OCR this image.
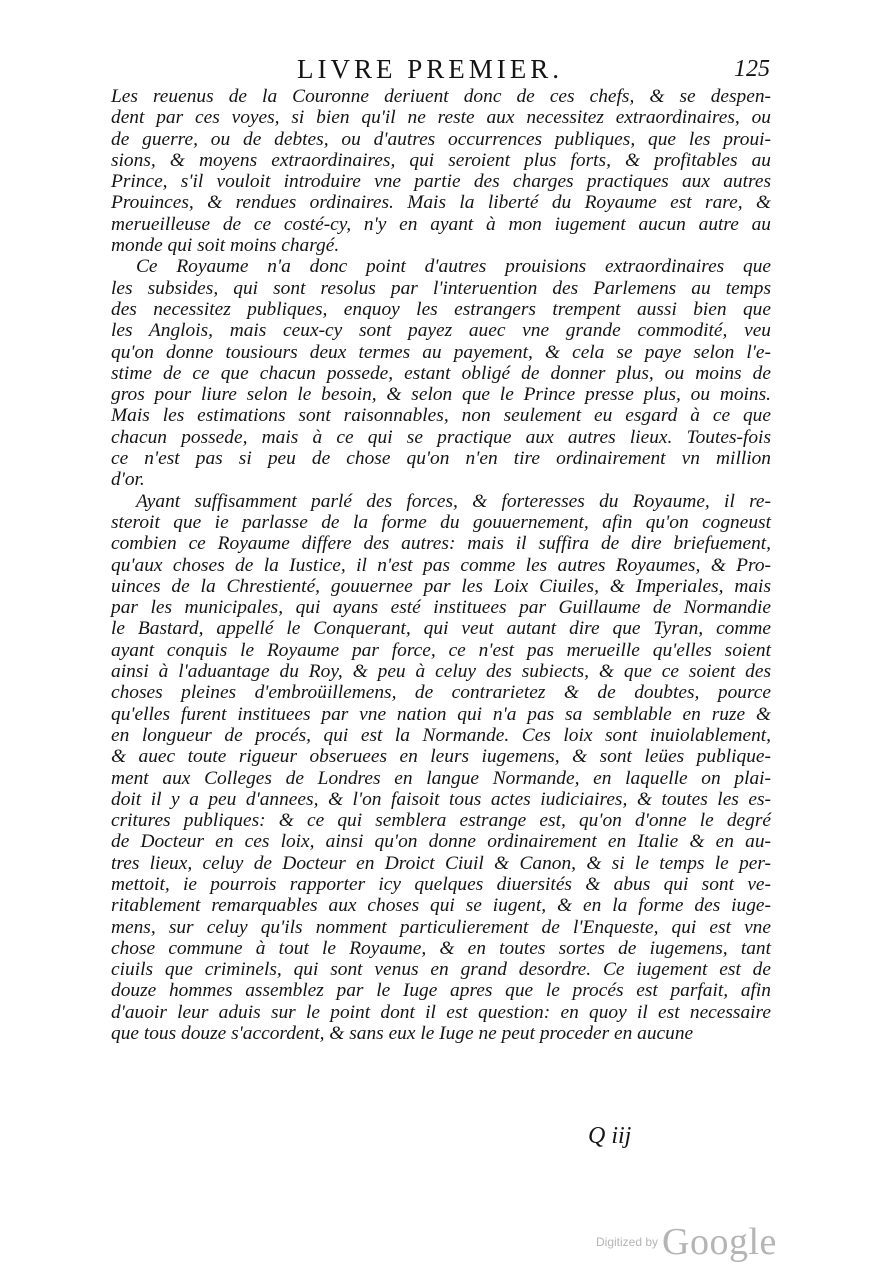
LIVRE PREMIER.	125
Les reuenus de la Couronne deriuent donc de ces chefs, & se despen-
dent par ces voyes, si bien qu'il ne reste aux necessitez extraordinaires, ou
de guerre, ou de debtes, ou d'autres occurrences publiques, que les proui-
sions, & moyens extraordinaires, qui seroient plus forts, & profitables au
Prince, s'il vouloit introduire vne partie des charges practiques aux autres
Prouinces, & rendues ordinaires. Mais la liberté du Royaume est rare, &
merueilleuse de ce costé-cy, n'y en ayant à mon iugement aucun autre au
monde qui soit moins chargé.
Ce Royaume n'a donc point d'autres prouisions extraordinaires que
les subsides, qui sont resolus par l'interuention des Parlemens au temps
des necessitez publiques, enquoy les estrangers trempent aussi bien que
les Anglois, mais ceux-cy sont payez auec vne grande commodité, veu
qu'on donne tousiours deux termes au payement, & cela se paye selon l'e-
stime de ce que chacun possede, estant obligé de donner plus, ou moins de
gros pour liure selon le besoin, & selon que le Prince presse plus, ou moins.
Mais les estimations sont raisonnables, non seulement eu esgard à ce que
chacun possede, mais à ce qui se practique aux autres lieux. Toutes-fois
ce n'est pas si peu de chose qu'on n'en tire ordinairement vn million
d'or.
Ayant suffisamment parlé des forces, & forteresses du Royaume, il re-
steroit que ie parlasse de la forme du gouuernement, afin qu'on cogneust
combien ce Royaume differe des autres: mais il suffira de dire briefuement,
qu'aux choses de la Iustice, il n'est pas comme les autres Royaumes, & Pro-
uinces de la Chrestienté, gouuernee par les Loix Ciuiles, & Imperiales, mais
par les municipales, qui ayans esté instituees par Guillaume de Normandie
le Bastard, appellé le Conquerant, qui veut autant dire que Tyran, comme
ayant conquis le Royaume par force, ce n'est pas merueille qu'elles soient
ainsi à l'aduantage du Roy, & peu à celuy des subiects, & que ce soient des
choses pleines d'embroüillemens, de contrarietez & de doubtes, pource
qu'elles furent instituees par vne nation qui n'a pas sa semblable en ruze &
en longueur de procés, qui est la Normande. Ces loix sont inuiolablement,
& auec toute rigueur obseruees en leurs iugemens, & sont leües publique-
ment aux Colleges de Londres en langue Normande, en laquelle on plai-
doit il y a peu d'annees, & l'on faisoit tous actes iudiciaires, & toutes les es-
critures publiques: & ce qui semblera estrange est, qu'on d'onne le degré
de Docteur en ces loix, ainsi qu'on donne ordinairement en Italie & en au-
tres lieux, celuy de Docteur en Droict Ciuil & Canon, & si le temps le per-
mettoit, ie pourrois rapporter icy quelques diuersités & abus qui sont ve-
ritablement remarquables aux choses qui se iugent, & en la forme des iuge-
mens, sur celuy qu'ils nomment particulierement de l'Enqueste, qui est vne
chose commune à tout le Royaume, & en toutes sortes de iugemens, tant
ciuils que criminels, qui sont venus en grand desordre. Ce iugement est de
douze hommes assemblez par le Iuge apres que le procés est parfait, afin
d'auoir leur aduis sur le point dont il est question: en quoy il est necessaire
que tous douze s'accordent, & sans eux le Iuge ne peut proceder en aucune
Q iij
Digitized by Google
